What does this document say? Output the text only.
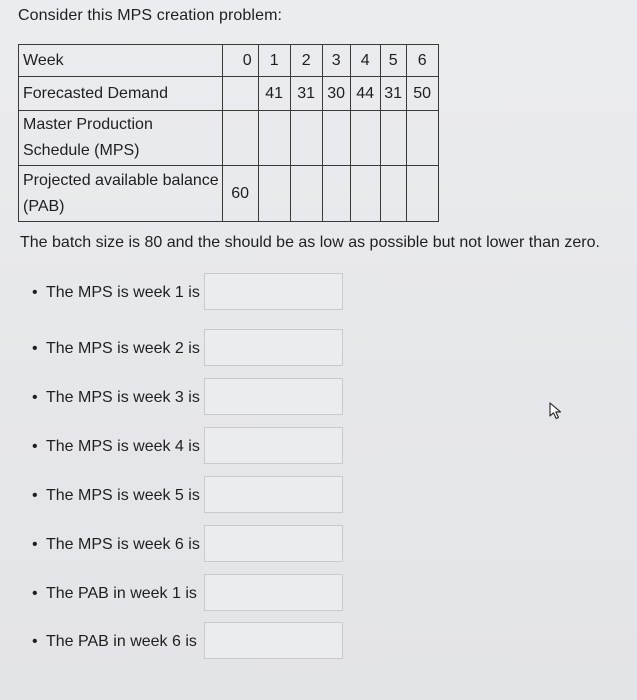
Consider this MPS creation problem:
Week	0	1	2	3	4	5	6
Forecasted Demand		41	31	30	44	31	50

Master Production
Schedule (MPS)							

Projected available balance
(PAB)	60						
The batch size is 80 and the should be as low as possible but not lower than zero.
• The MPS is week 1 is
• The MPS is week 2 is
• The MPS is week 3 is
• The MPS is week 4 is
• The MPS is week 5 is
• The MPS is week 6 is
• The PAB in week 1 is
• The PAB in week 6 is
